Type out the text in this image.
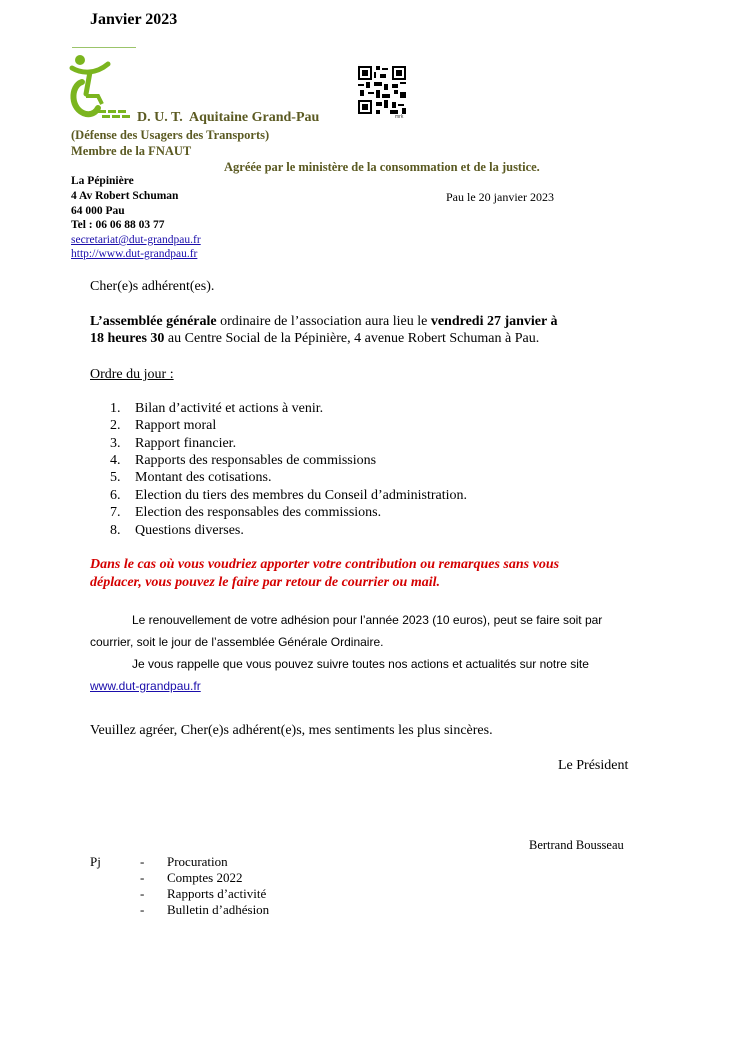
Janvier 2023
mrk
D. U. T.  Aquitaine Grand-Pau
(Défense des Usagers des Transports)
Membre de la FNAUT
Agréée par le ministère de la consommation et de la justice.
La Pépinière
4 Av Robert Schuman
64 000 Pau
Tel : 06 06 88 03 77
secretariat@dut-grandpau.fr
http://www.dut-grandpau.fr
Pau le 20 janvier 2023
Cher(e)s adhérent(es).
L’assemblée générale ordinaire de l’association aura lieu le vendredi 27 janvier à
18 heures 30 au Centre Social de la Pépinière, 4 avenue Robert Schuman à Pau.
Ordre du jour :
1. Bilan d’activité et actions à venir.
2. Rapport moral
3. Rapport financier.
4. Rapports des responsables de commissions
5. Montant des cotisations.
6. Election du tiers des membres du Conseil d’administration.
7. Election des responsables des commissions.
8. Questions diverses.
Dans le cas où vous voudriez apporter votre contribution ou remarques sans vous
déplacer, vous pouvez le faire par retour de courrier ou mail.
Le renouvellement de votre adhésion pour l’année 2023 (10 euros), peut se faire soit par
courrier, soit le jour de l’assemblée Générale Ordinaire.
Je vous rappelle que vous pouvez suivre toutes nos actions et actualités sur notre site
www.dut-grandpau.fr
Veuillez agréer, Cher(e)s adhérent(e)s, mes sentiments les plus sincères.
Le Président
Bertrand Bousseau
Pj	- Procuration
- Comptes 2022
- Rapports d’activité
- Bulletin d’adhésion
